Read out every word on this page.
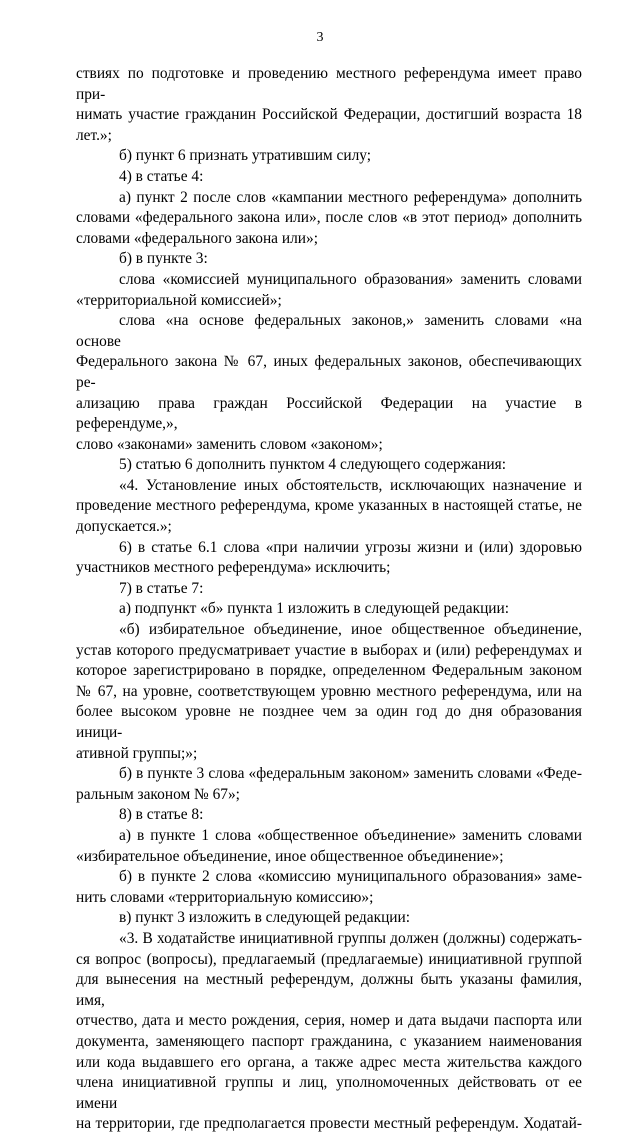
3

ствиях по подготовке и проведению местного референдума имеет право при-

нимать участие гражданин Российской Федерации, достигший возраста 18

лет.»;

б) пункт 6 признать утратившим силу;

4) в статье 4:

а) пункт 2 после слов «кампании местного референдума» дополнить

словами «федерального закона или», после слов «в этот период» дополнить

словами «федерального закона или»;

б) в пункте 3:

слова «комиссией муниципального образования» заменить словами

«территориальной комиссией»;

слова «на основе федеральных законов,» заменить словами «на основе

Федерального закона № 67, иных федеральных законов, обеспечивающих ре-

ализацию права граждан Российской Федерации на участие в референдуме,»,

слово «законами» заменить словом «законом»;

5) статью 6 дополнить пунктом 4 следующего содержания:

«4. Установление иных обстоятельств, исключающих назначение и

проведение местного референдума, кроме указанных в настоящей статье, не

допускается.»;

6) в статье 6.1 слова «при наличии угрозы жизни и (или) здоровью

участников местного референдума» исключить;

7) в статье 7:

а) подпункт «б» пункта 1 изложить в следующей редакции:

«б) избирательное объединение, иное общественное объединение,

устав которого предусматривает участие в выборах и (или) референдумах и

которое зарегистрировано в порядке, определенном Федеральным законом

№ 67, на уровне, соответствующем уровню местного референдума, или на

более высоком уровне не позднее чем за один год до дня образования иници-

ативной группы;»;

б) в пункте 3 слова «федеральным законом» заменить словами «Феде-

ральным законом № 67»;

8) в статье 8:

а) в пункте 1 слова «общественное объединение» заменить словами

«избирательное объединение, иное общественное объединение»;

б) в пункте 2 слова «комиссию муниципального образования» заме-

нить словами «территориальную комиссию»;

в) пункт 3 изложить в следующей редакции:

«3. В ходатайстве инициативной группы должен (должны) содержать-

ся вопрос (вопросы), предлагаемый (предлагаемые) инициативной группой

для вынесения на местный референдум, должны быть указаны фамилия, имя,

отчество, дата и место рождения, серия, номер и дата выдачи паспорта или

документа, заменяющего паспорт гражданина, с указанием наименования

или кода выдавшего его органа, а также адрес места жительства каждого

члена инициативной группы и лиц, уполномоченных действовать от ее имени

на территории, где предполагается провести местный референдум. Ходатай-
